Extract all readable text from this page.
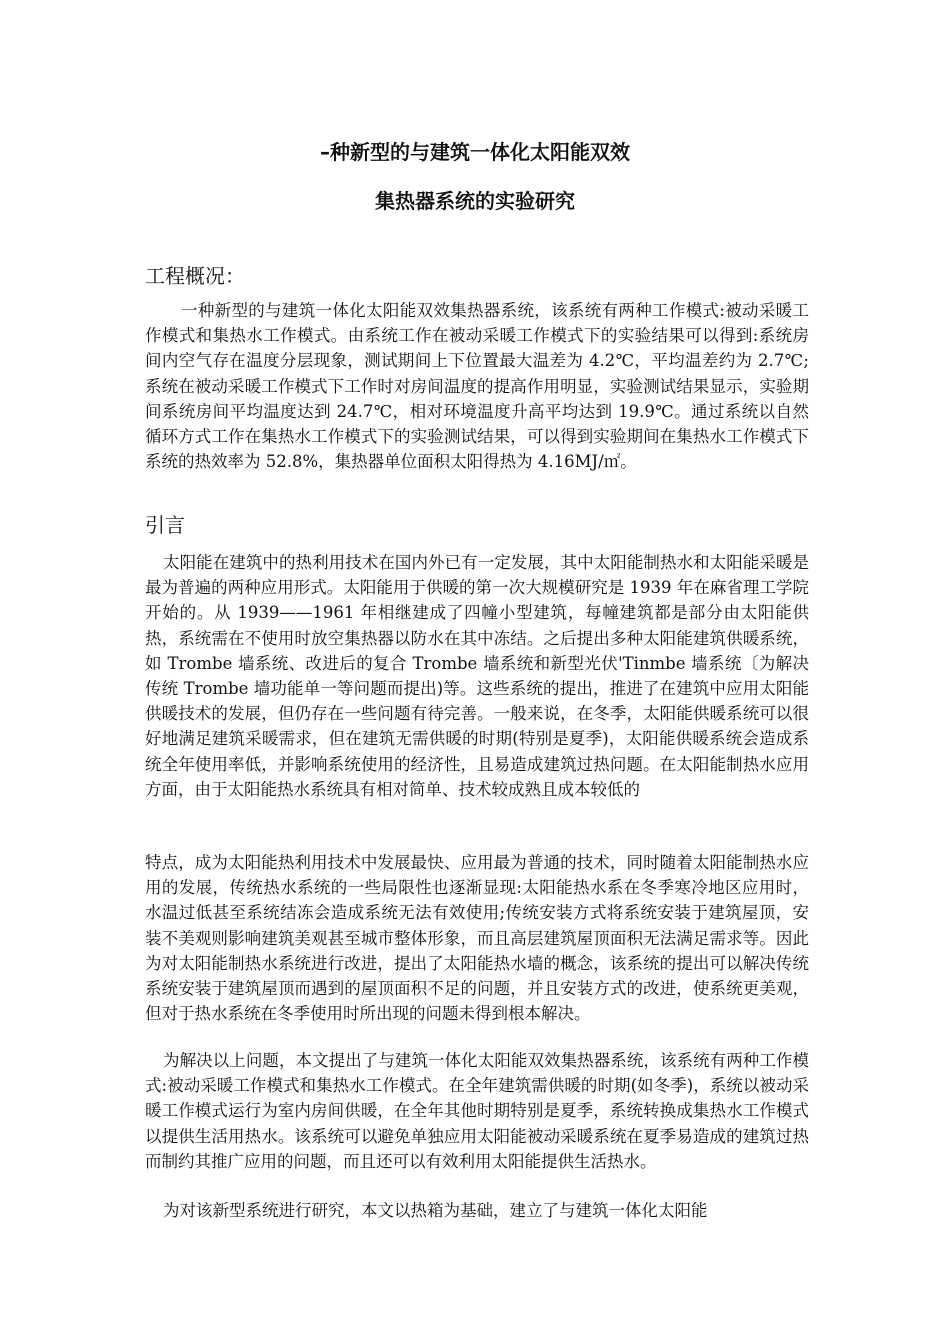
–种新型的与建筑一体化太阳能双效
集热器系统的实验研究
工程概况：

一种新型的与建筑一体化太阳能双效集热器系统，该系统有两种工作模式:被动采暖工作模式和集热水工作模式。由系统工作在被动采暖工作模式下的实验结果可以得到:系统房间内空气存在温度分层现象，测试期间上下位置最大温差为 4.2℃，平均温差约为 2.7℃;系统在被动采暖工作模式下工作时对房间温度的提高作用明显，实验测试结果显示，实验期间系统房间平均温度达到 24.7℃，相对环境温度升高平均达到 19.9℃。通过系统以自然循环方式工作在集热水工作模式下的实验测试结果，可以得到实验期间在集热水工作模式下系统的热效率为 52.8%，集热器单位面积太阳得热为 4.16MJ/㎡。

引言

太阳能在建筑中的热利用技术在国内外已有一定发展，其中太阳能制热水和太阳能采暖是最为普遍的两种应用形式。太阳能用于供暖的第一次大规模研究是 1939 年在麻省理工学院开始的。从 1939——1961 年相继建成了四幢小型建筑，每幢建筑都是部分由太阳能供热，系统需在不使用时放空集热器以防水在其中冻结。之后提出多种太阳能建筑供暖系统，如 Trombe 墙系统、改进后的复合 Trombe 墙系统和新型光伏'Tinmbe 墙系统〔为解决传统 Trombe 墙功能单一等问题而提出)等。这些系统的提出，推进了在建筑中应用太阳能供暖技术的发展，但仍存在一些问题有待完善。一般来说，在冬季，太阳能供暖系统可以很好地满足建筑采暖需求，但在建筑无需供暖的时期(特别是夏季)，太阳能供暖系统会造成系统全年使用率低，并影响系统使用的经济性，且易造成建筑过热问题。在太阳能制热水应用方面，由于太阳能热水系统具有相对简单、技术较成熟且成本较低的

特点，成为太阳能热利用技术中发展最快、应用最为普通的技术，同时随着太阳能制热水应用的发展，传统热水系统的一些局限性也逐渐显现:太阳能热水系在冬季寒冷地区应用时，水温过低甚至系统结冻会造成系统无法有效使用;传统安装方式将系统安装于建筑屋顶，安装不美观则影响建筑美观甚至城市整体形象，而且高层建筑屋顶面积无法满足需求等。因此为对太阳能制热水系统进行改进，提出了太阳能热水墙的概念，该系统的提出可以解决传统系统安装于建筑屋顶而遇到的屋顶面积不足的问题，并且安装方式的改进，使系统更美观，但对于热水系统在冬季使用时所出现的问题未得到根本解决。

为解决以上问题，本文提出了与建筑一体化太阳能双效集热器系统，该系统有两种工作模式:被动采暖工作模式和集热水工作模式。在全年建筑需供暖的时期(如冬季)，系统以被动采暖工作模式运行为室内房间供暖，在全年其他时期特别是夏季，系统转换成集热水工作模式以提供生活用热水。该系统可以避免单独应用太阳能被动采暖系统在夏季易造成的建筑过热而制约其推广应用的问题，而且还可以有效利用太阳能提供生活热水。

为对该新型系统进行研究，本文以热箱为基础，建立了与建筑一体化太阳能
